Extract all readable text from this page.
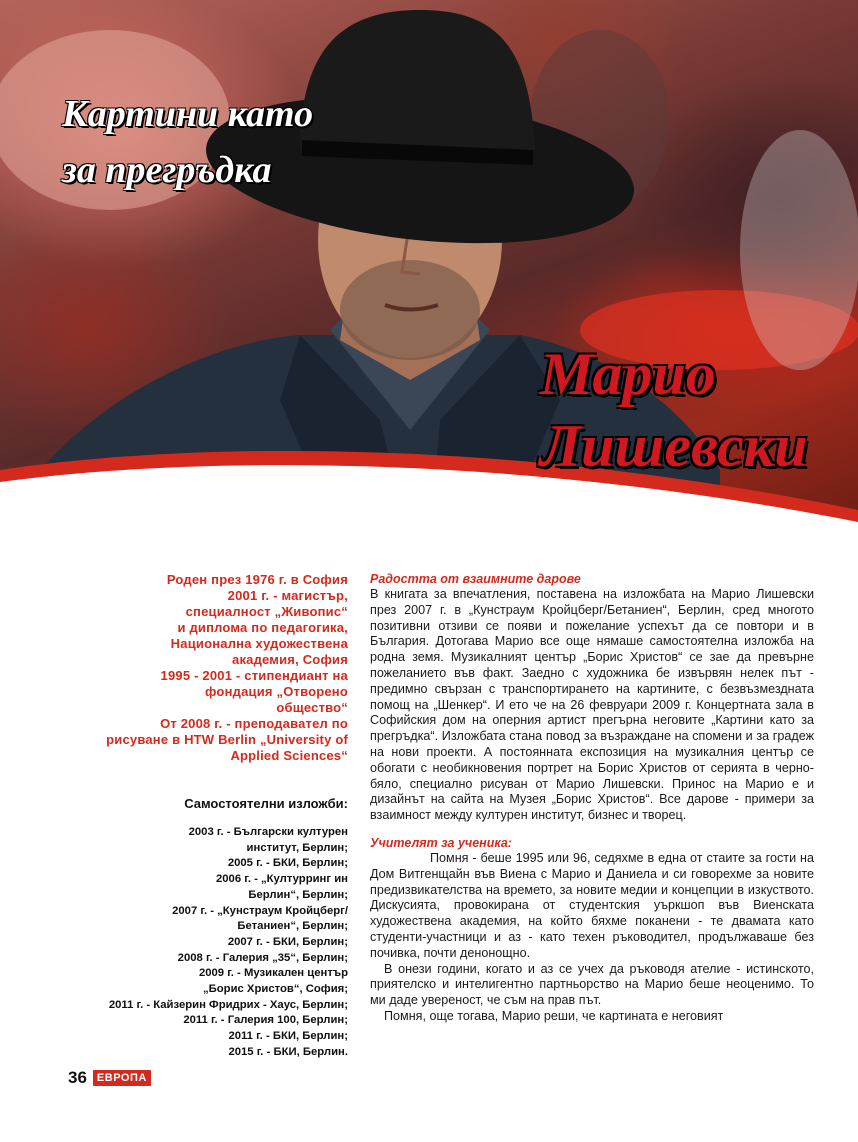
Картини като
за прегръдка
Марио
Лишевски

Роден през 1976 г. в София

2001 г. - магистър,

специалност „Живопис“

и диплома по педагогика,

Национална художествена

академия, София

1995 - 2001 - стипендиант на

фондация „Отворено

общество“

От 2008 г. - преподавател по

рисуване в HTW Berlin „University of

Applied Sciences“

Самостоятелни изложби:

2003 г. - Български културен
институт, Берлин;
2005 г. - БКИ, Берлин;
2006 г. - „Културринг ин
Берлин“, Берлин;
2007 г. - „Кунстраум Кройцберг/
Бетаниен“, Берлин;
2007 г. - БКИ, Берлин;
2008 г. - Галерия „35“, Берлин;
2009 г. - Музикален център
„Борис Христов“, София;
2011 г. - Кайзерин Фридрих - Хаус, Берлин;
2011 г. - Галерия 100, Берлин;
2011 г. - БКИ, Берлин;
2015 г. - БКИ, Берлин.

Радостта от взаимните дарове

В книгата за впечатления, поставена на изложбата на Марио Лишевски през 2007 г. в „Кунстраум Кройцберг/Бетаниен“, Берлин, сред многото позитивни отзиви се появи и пожелание успехът да се повтори и в България. Дотогава Марио все още нямаше самостоятелна изложба на родна земя. Музикалният център „Борис Христов“ се зае да превърне пожеланието във факт. Заедно с художника бе извървян нелек път - предимно свързан с транспортирането на картините, с безвъзмездната помощ на „Шенкер“. И ето че на 26 февруари 2009 г. Концертната зала в Софийския дом на оперния артист прегърна неговите „Картини като за прегръдка“. Изложбата стана повод за възраждане на спомени и за градеж на нови проекти. А постоянната експозиция на музикалния център се обогати с необикновения портрет на Борис Христов от серията в черно-бяло, специално рисуван от Марио Лишевски. Принос на Марио е и дизайнът на сайта на Музея „Борис Христов“. Все дарове - примери за взаимност между културен институт, бизнес и творец.

Учителят за ученика:

Помня - беше 1995 или 96, седяхме в една от стаите за гости на Дом Витгенщайн във Виена с Марио и Даниела и си говорехме за новите предизвикателства на времето, за новите медии и концепции в изкуството. Дискусията, провокирана от студентския уъркшоп във Виенската художествена академия, на който бяхме поканени - те двамата като студенти-участници и аз - като техен ръководител, продължаваше без почивка, почти денонощно.

В онези години, когато и аз се учех да ръководя ателие - истинското, приятелско и интелигентно партньорство на Марио беше неоценимо. То ми даде увереност, че съм на прав път.

Помня, още тогава, Марио реши, че картината е неговият

36 ЕВРОПА
